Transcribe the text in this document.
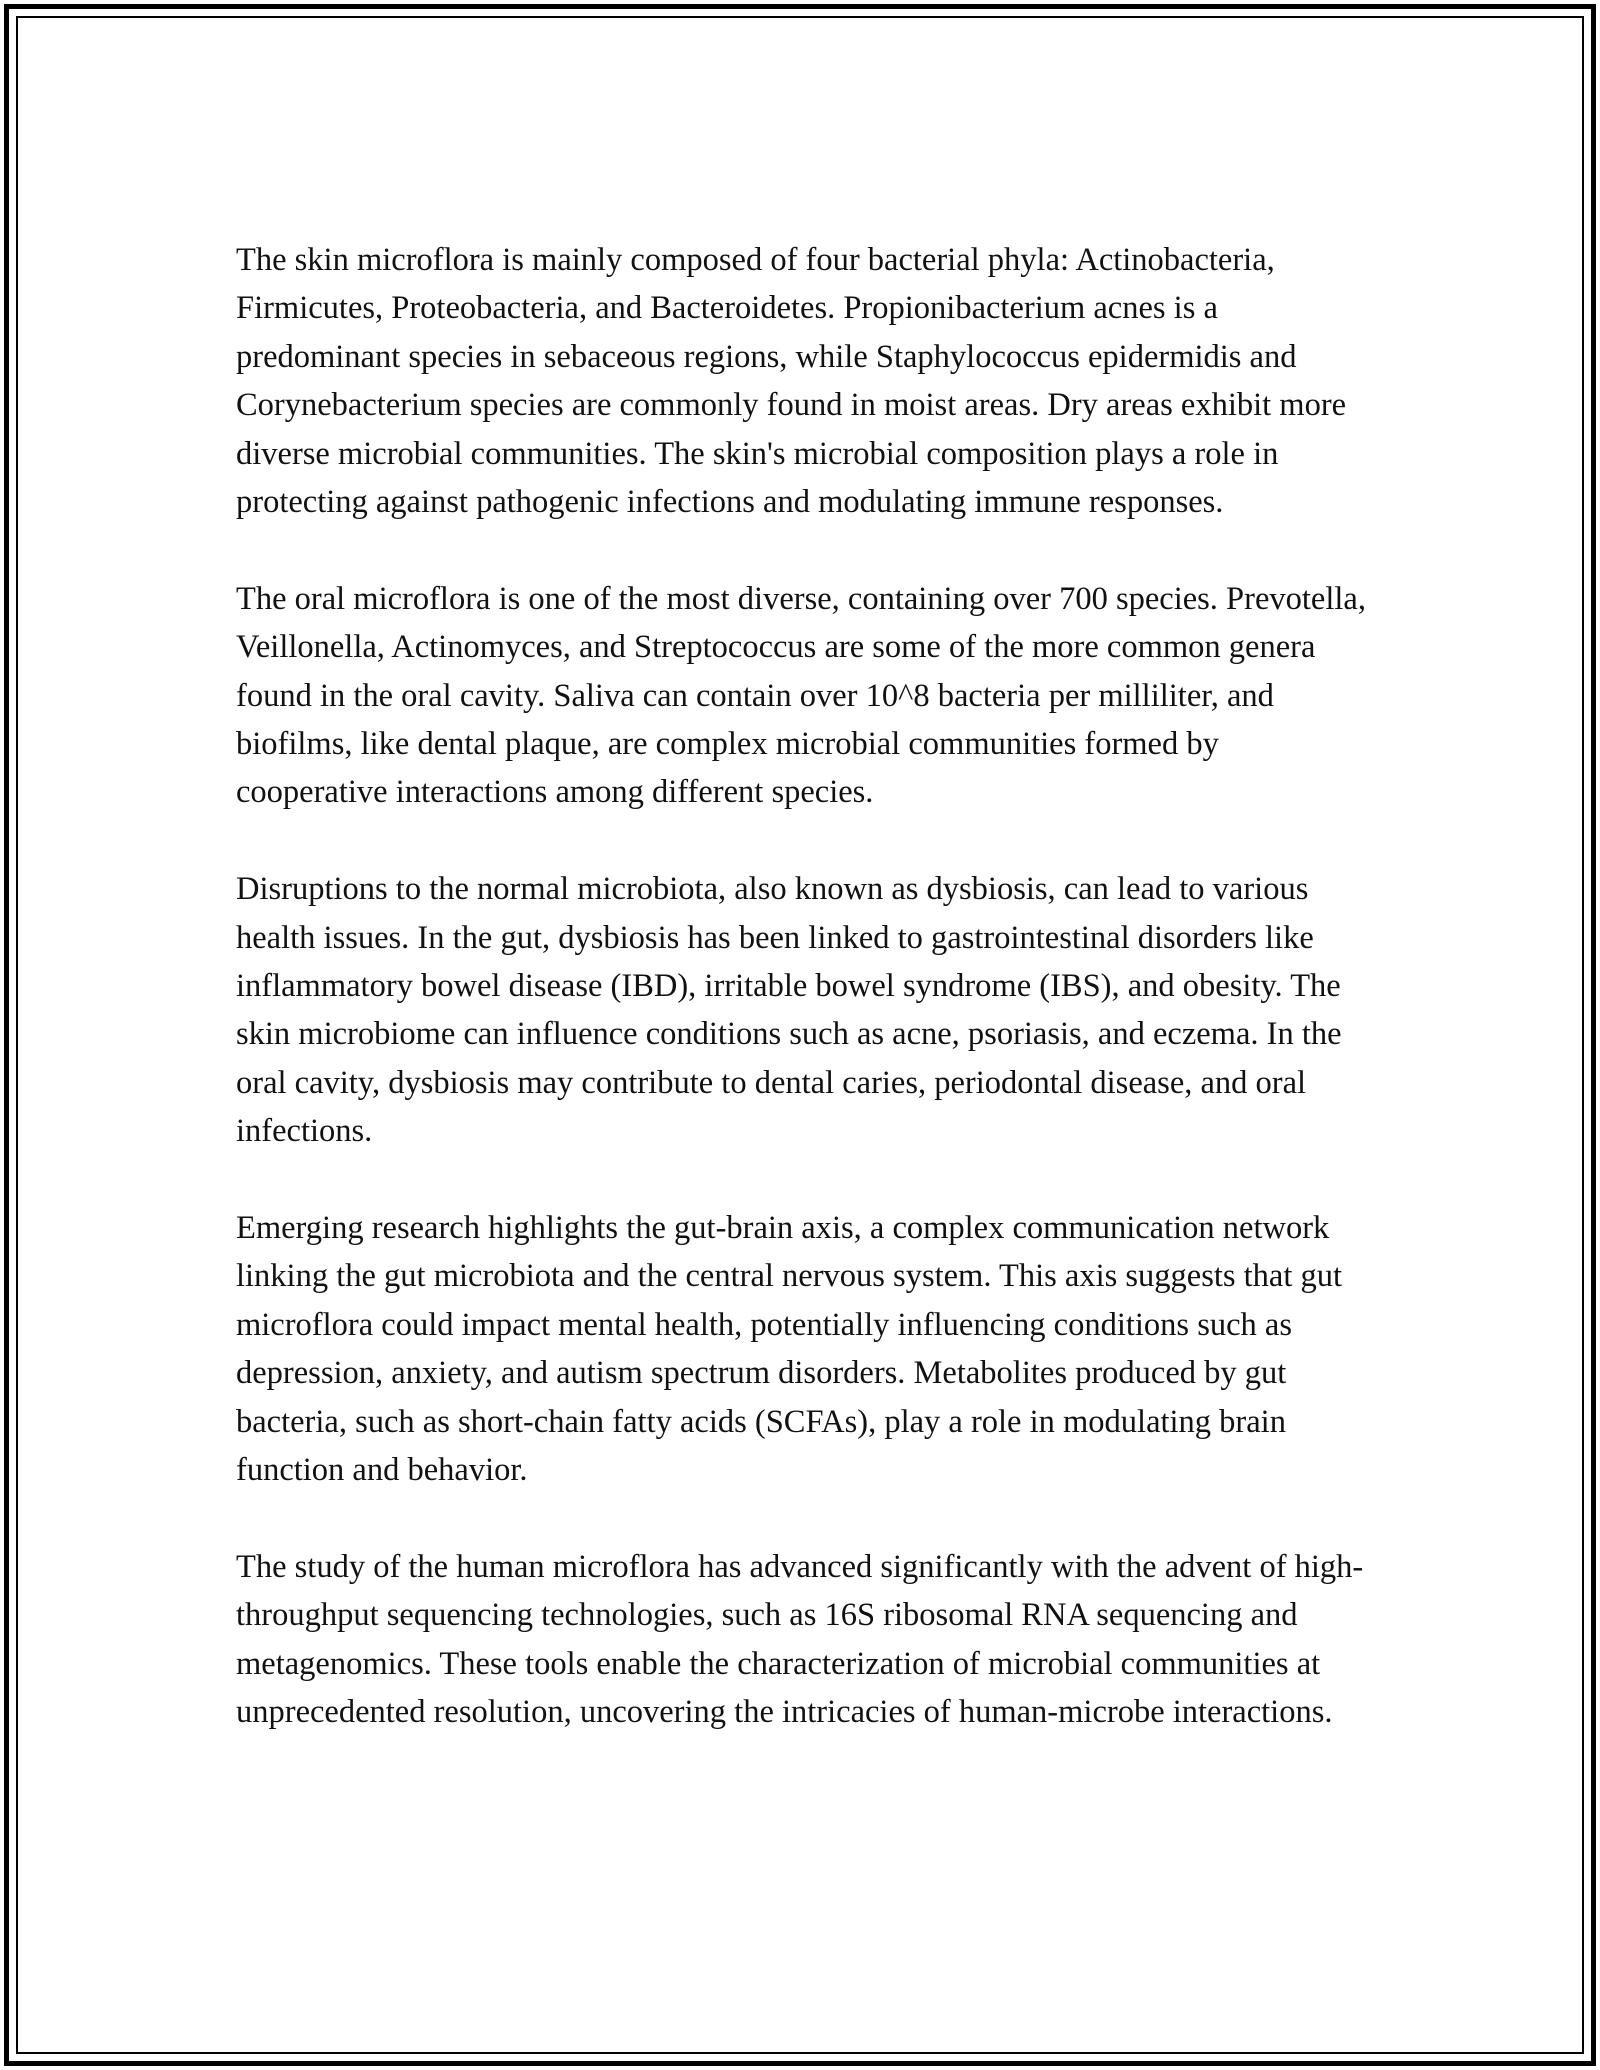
The skin microflora is mainly composed of four bacterial phyla: Actinobacteria, Firmicutes, Proteobacteria, and Bacteroidetes. Propionibacterium acnes is a predominant species in sebaceous regions, while Staphylococcus epidermidis and Corynebacterium species are commonly found in moist areas. Dry areas exhibit more diverse microbial communities. The skin's microbial composition plays a role in protecting against pathogenic infections and modulating immune responses.

The oral microflora is one of the most diverse, containing over 700 species. Prevotella, Veillonella, Actinomyces, and Streptococcus are some of the more common genera found in the oral cavity. Saliva can contain over 10^8 bacteria per milliliter, and biofilms, like dental plaque, are complex microbial communities formed by cooperative interactions among different species.

Disruptions to the normal microbiota, also known as dysbiosis, can lead to various health issues. In the gut, dysbiosis has been linked to gastrointestinal disorders like inflammatory bowel disease (IBD), irritable bowel syndrome (IBS), and obesity. The skin microbiome can influence conditions such as acne, psoriasis, and eczema. In the oral cavity, dysbiosis may contribute to dental caries, periodontal disease, and oral infections.

Emerging research highlights the gut-brain axis, a complex communication network linking the gut microbiota and the central nervous system. This axis suggests that gut microflora could impact mental health, potentially influencing conditions such as depression, anxiety, and autism spectrum disorders. Metabolites produced by gut bacteria, such as short-chain fatty acids (SCFAs), play a role in modulating brain function and behavior.

The study of the human microflora has advanced significantly with the advent of high-throughput sequencing technologies, such as 16S ribosomal RNA sequencing and metagenomics. These tools enable the characterization of microbial communities at unprecedented resolution, uncovering the intricacies of human-microbe interactions.
